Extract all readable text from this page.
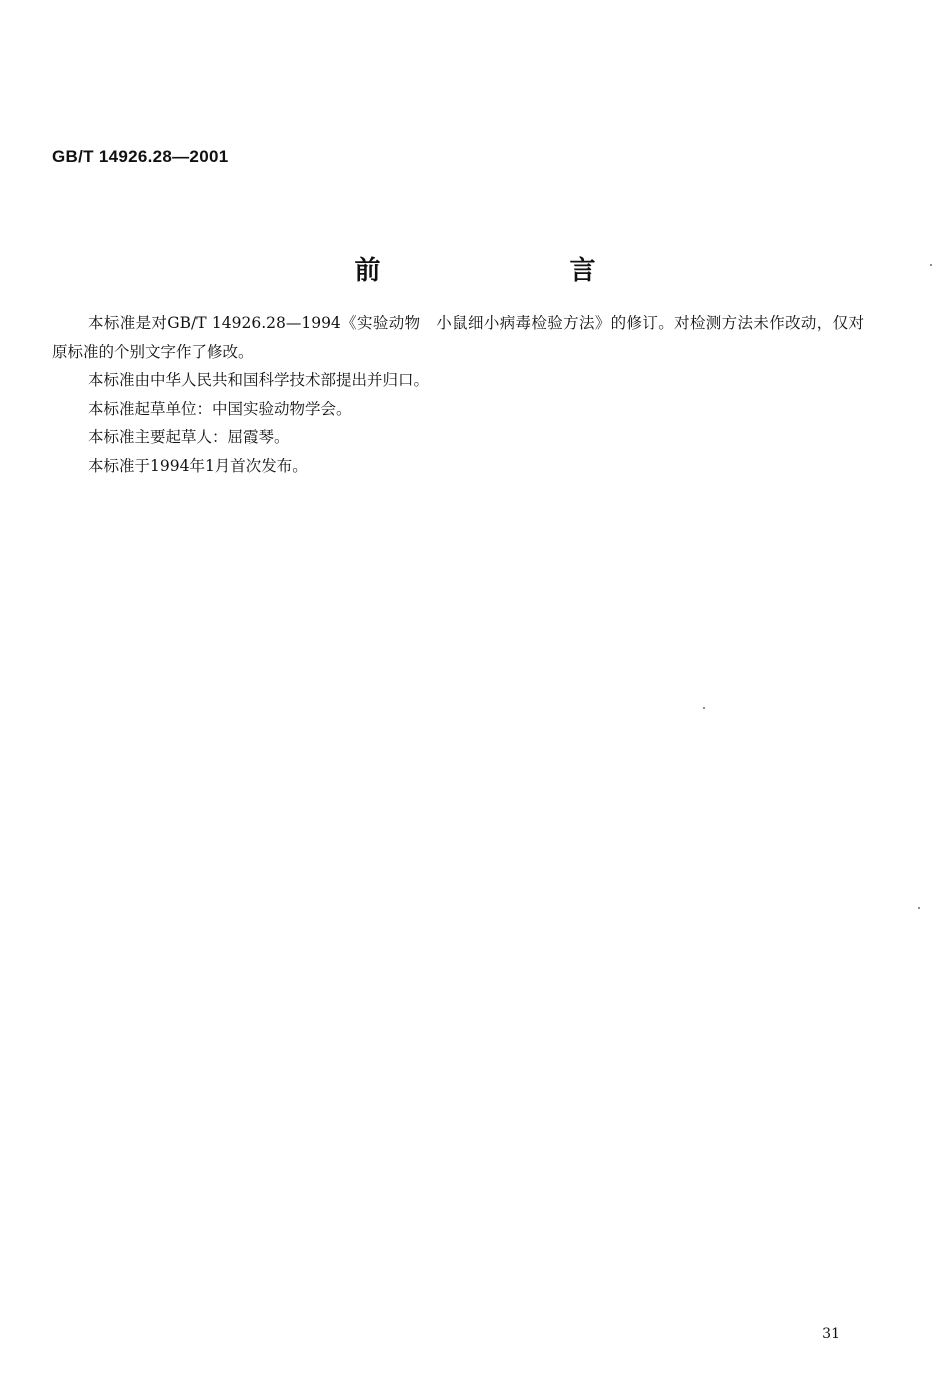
GB/T 14926.28—2001
前 言

本标准是对GB/T 14926.28—1994《实验动物　小鼠细小病毒检验方法》的修订。对检测方法未作改动，仅对原标准的个别文字作了修改。

本标准由中华人民共和国科学技术部提出并归口。

本标准起草单位：中国实验动物学会。

本标准主要起草人：屈霞琴。

本标准于1994年1月首次发布。

31
